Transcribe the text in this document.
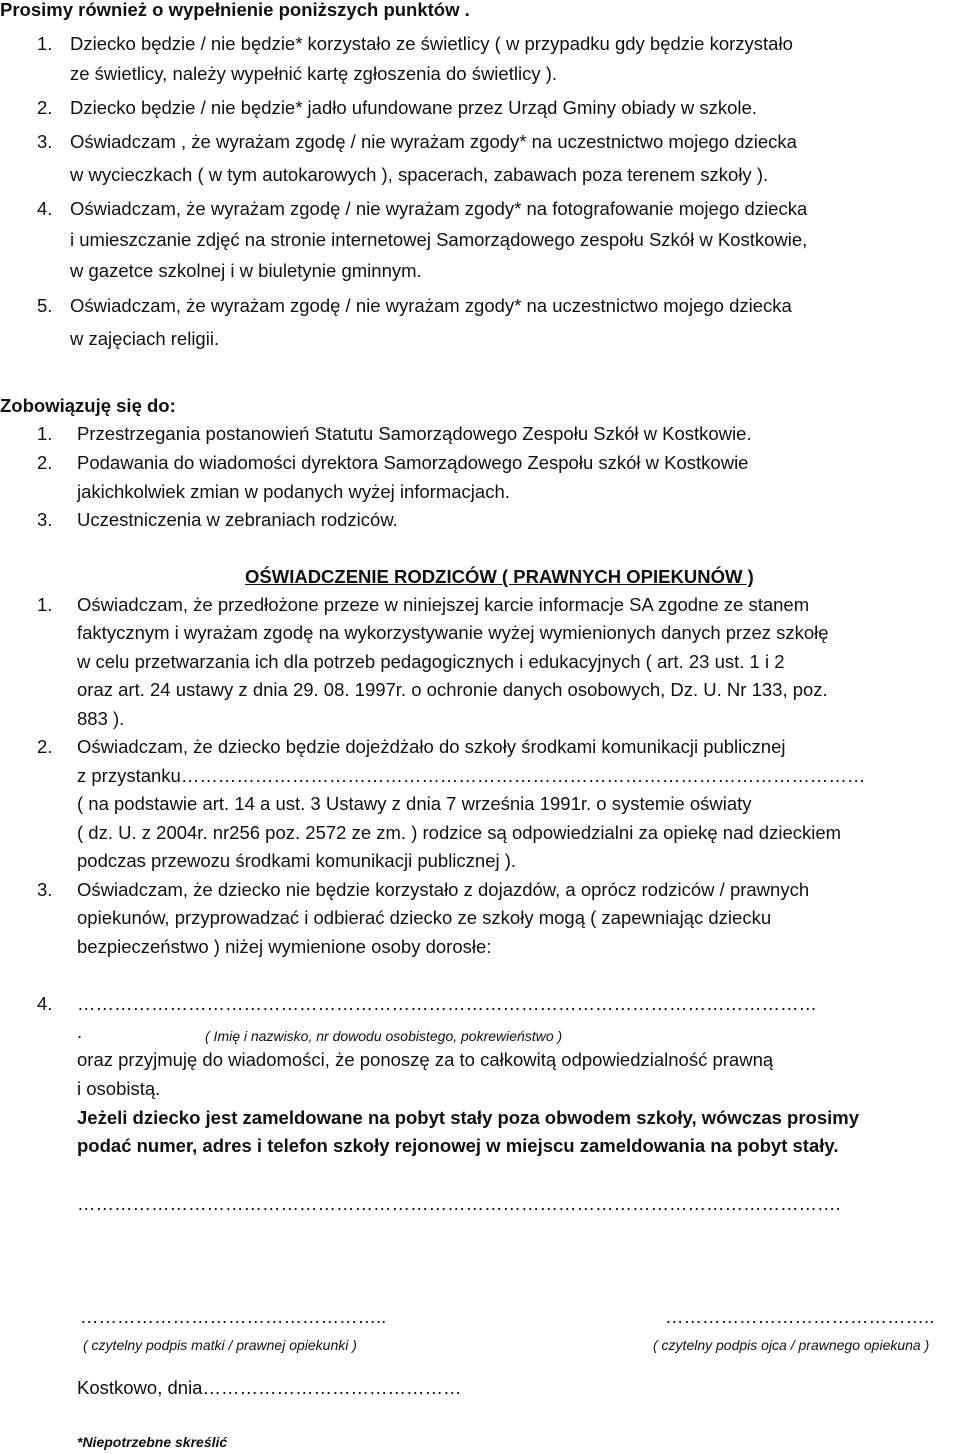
Prosimy również o wypełnienie poniższych punktów .
1. Dziecko będzie / nie będzie* korzystało ze świetlicy ( w przypadku gdy będzie korzystało
ze świetlicy, należy wypełnić kartę zgłoszenia do świetlicy ).
2. Dziecko będzie / nie będzie* jadło ufundowane przez Urząd Gminy obiady w szkole.
3. Oświadczam , że wyrażam zgodę / nie wyrażam zgody* na uczestnictwo mojego dziecka
w wycieczkach ( w tym autokarowych ), spacerach, zabawach poza terenem szkoły ).
4. Oświadczam, że wyrażam zgodę / nie wyrażam zgody* na fotografowanie mojego dziecka
i umieszczanie zdjęć na stronie internetowej Samorządowego zespołu Szkół w Kostkowie,
w gazetce szkolnej i w biuletynie gminnym.
5. Oświadczam, że wyrażam zgodę / nie wyrażam zgody* na uczestnictwo mojego dziecka
w zajęciach religii.
Zobowiązuję się do:
1. Przestrzegania postanowień Statutu Samorządowego Zespołu Szkół w Kostkowie.
2. Podawania do wiadomości dyrektora Samorządowego Zespołu szkół w Kostkowie
jakichkolwiek zmian w podanych wyżej informacjach.
3. Uczestniczenia w zebraniach rodziców.
OŚWIADCZENIE RODZICÓW ( PRAWNYCH OPIEKUNÓW )
1. Oświadczam, że przedłożone przeze w niniejszej karcie informacje SA zgodne ze stanem
faktycznym i wyrażam zgodę na wykorzystywanie wyżej wymienionych danych przez szkołę
w celu przetwarzania ich dla potrzeb pedagogicznych i edukacyjnych ( art. 23 ust. 1 i 2
oraz art. 24 ustawy z dnia 29. 08. 1997r. o ochronie danych osobowych, Dz. U. Nr 133, poz.
883 ).
2. Oświadczam, że dziecko będzie dojeżdżało do szkoły środkami komunikacji publicznej
z przystanku…………………………………………………………………………………………………
( na podstawie art. 14 a ust. 3 Ustawy z dnia 7 września 1991r. o systemie oświaty
( dz. U. z 2004r. nr256 poz. 2572 ze zm. ) rodzice są odpowiedzialni za opiekę nad dzieckiem
podczas przewozu środkami komunikacji publicznej ).
3. Oświadczam, że dziecko nie będzie korzystało z dojazdów, a oprócz rodziców / prawnych
opiekunów, przyprowadzać i odbierać dziecko ze szkoły mogą ( zapewniając dziecku
bezpieczeństwo ) niżej wymienione osoby dorosłe:
4. …………………………………………………………………………………………………………
.	( Imię i nazwisko, nr dowodu osobistego, pokrewieństwo )
oraz przyjmuję do wiadomości, że ponoszę za to całkowitą odpowiedzialność prawną
i osobistą.
Jeżeli dziecko jest zameldowane na pobyt stały poza obwodem szkoły, wówczas prosimy
podać numer, adres i telefon szkoły rejonowej w miejscu zameldowania na pobyt stały.
…………………………………………………………………………………………………………….
…………………………………………..	……………………………………..
( czytelny podpis matki / prawnej opiekunki )	( czytelny podpis ojca / prawnego opiekuna )
Kostkowo, dnia……………………………………
*Niepotrzebne skreślić
